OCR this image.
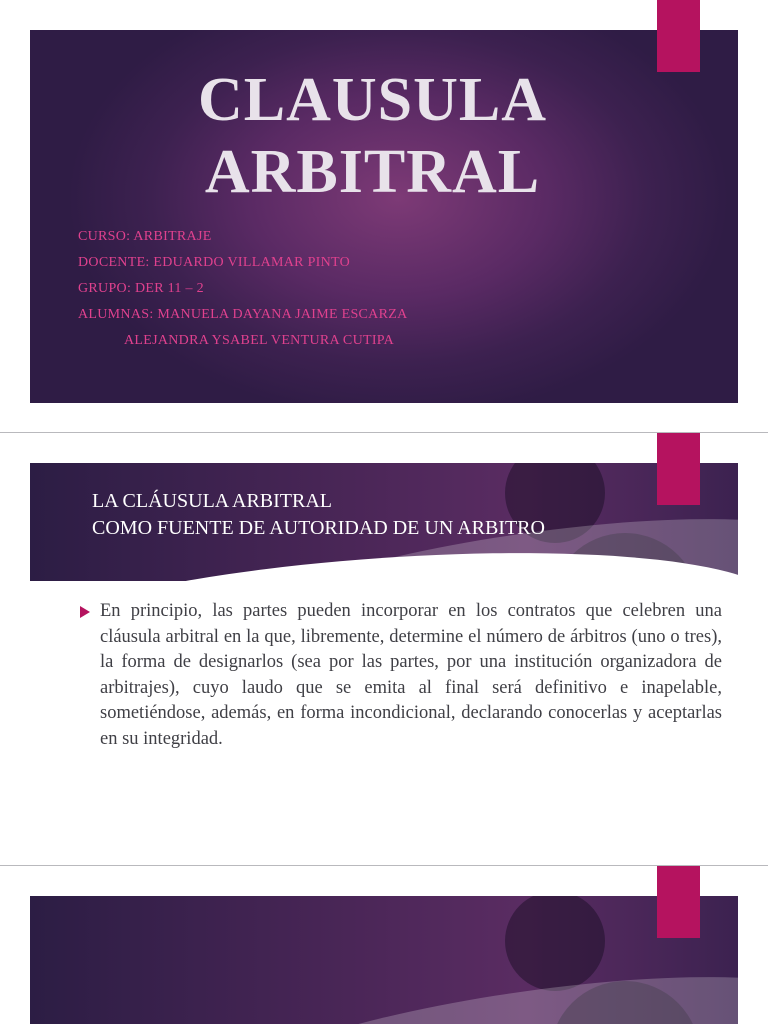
CLAUSULA
ARBITRAL
CURSO: ARBITRAJE
DOCENTE: EDUARDO VILLAMAR PINTO
GRUPO: DER 11 – 2
ALUMNAS: MANUELA DAYANA JAIME ESCARZA
ALEJANDRA YSABEL VENTURA CUTIPA
LA CLÁUSULA ARBITRAL
COMO FUENTE DE AUTORIDAD DE UN ARBITRO
En principio, las partes pueden incorporar en los contratos que celebren una cláusula arbitral en la que, libremente, determine el número de árbitros (uno o tres), la forma de designarlos (sea por las partes, por una institución organizadora de arbitrajes), cuyo laudo que se emita al final será definitivo e inapelable, sometiéndose, además, en forma incondicional, declarando conocerlas y aceptarlas en su integridad.
